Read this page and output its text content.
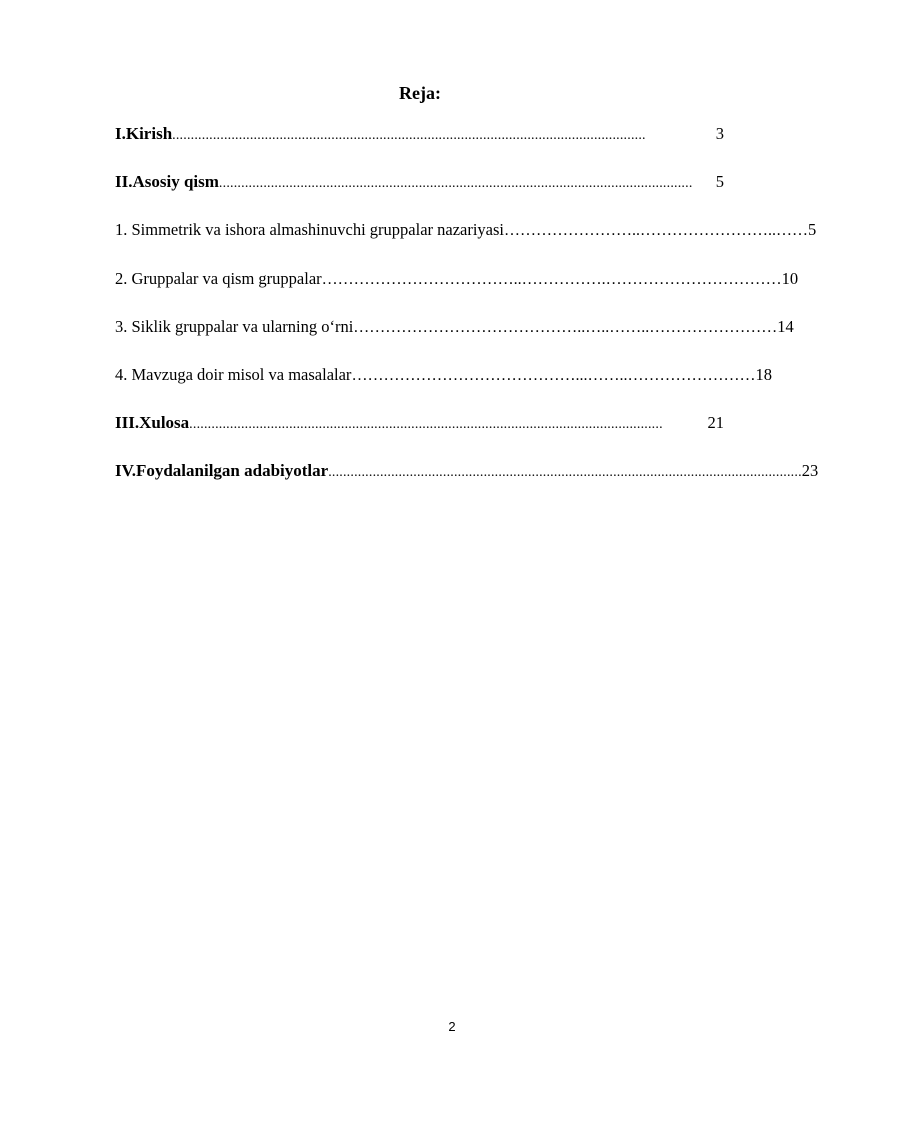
Reja:
I.Kirish ................................................................................................................................	3
II.Asosiy qism ................................................................................................................................	5
1. Simmetrik va ishora almashinuvchi gruppalar nazariyasi ……………………..……………………..…… 5
2. Gruppalar va qism gruppalar ………………………………..…………….…………………………… 10
3. Siklik gruppalar va ularning o‘rni ……………………………………..…..……..…………………… 14
4. Mavzuga doir misol va masalalar ……………………………………...……..…………………… 18
III.Xulosa ................................................................................................................................	21
IV.Foydalanilgan adabiyotlar ................................................................................................................................ 23
2
